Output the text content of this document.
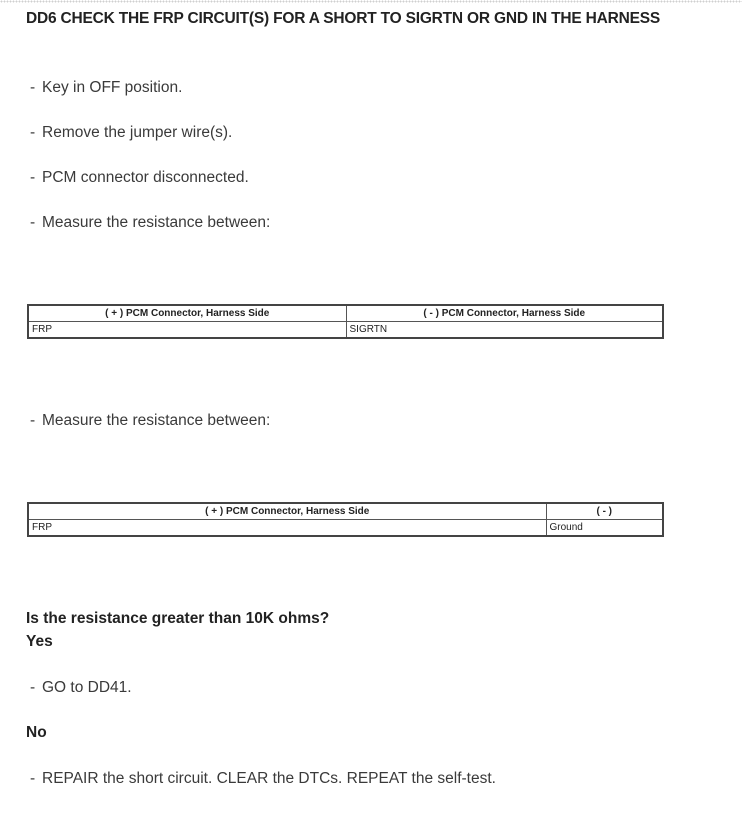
DD6 CHECK THE FRP CIRCUIT(S) FOR A SHORT TO SIGRTN OR GND IN THE HARNESS
- Key in OFF position.
- Remove the jumper wire(s).
- PCM connector disconnected.
- Measure the resistance between:
( + ) PCM Connector, Harness Side	( - ) PCM Connector, Harness Side
FRP	SIGRTN
- Measure the resistance between:
( + ) PCM Connector, Harness Side	( - )
FRP	Ground
Is the resistance greater than 10K ohms?
Yes
- GO to DD41.
No
- REPAIR the short circuit. CLEAR the DTCs. REPEAT the self-test.
